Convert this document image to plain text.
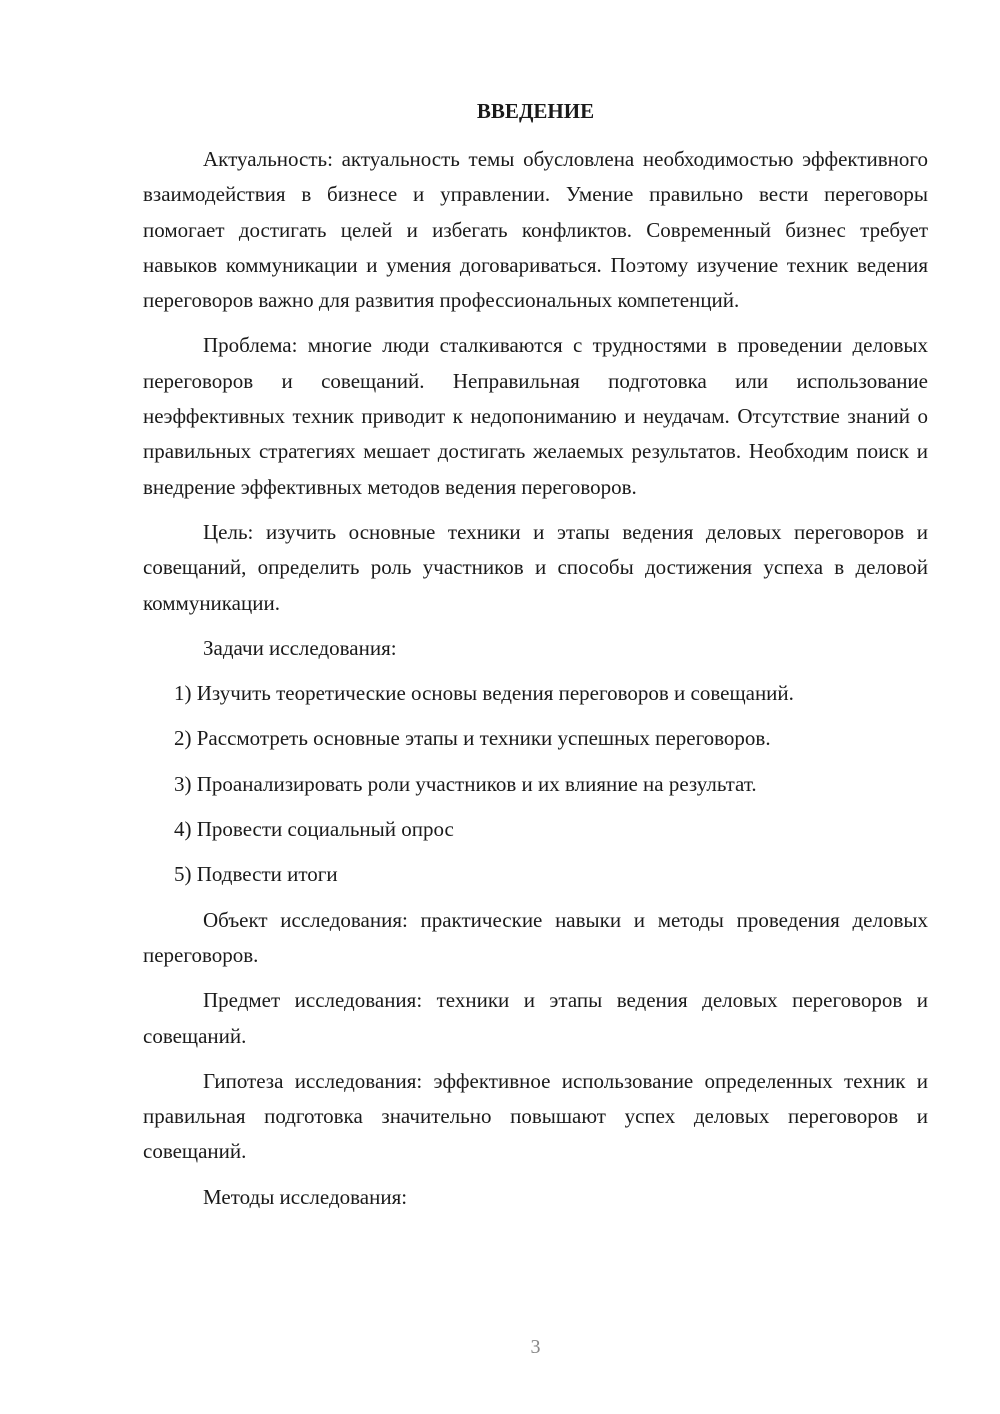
ВВЕДЕНИЕ

Актуальность: актуальность темы обусловлена необходимостью эффективного взаимодействия в бизнесе и управлении. Умение правильно вести переговоры помогает достигать целей и избегать конфликтов. Современный бизнес требует навыков коммуникации и умения договариваться. Поэтому изучение техник ведения переговоров важно для развития профессиональных компетенций.

Проблема: многие люди сталкиваются с трудностями в проведении деловых переговоров и совещаний. Неправильная подготовка или использование неэффективных техник приводит к недопониманию и неудачам. Отсутствие знаний о правильных стратегиях мешает достигать желаемых результатов. Необходим поиск и внедрение эффективных методов ведения переговоров.

Цель: изучить основные техники и этапы ведения деловых переговоров и совещаний, определить роль участников и способы достижения успеха в деловой коммуникации.

Задачи исследования:

1) Изучить теоретические основы ведения переговоров и совещаний.

2) Рассмотреть основные этапы и техники успешных переговоров.

3) Проанализировать роли участников и их влияние на результат.

4) Провести социальный опрос

5) Подвести итоги

Объект исследования: практические навыки и методы проведения деловых переговоров.

Предмет исследования: техники и этапы ведения деловых переговоров и совещаний.

Гипотеза исследования: эффективное использование определенных техник и правильная подготовка значительно повышают успех деловых переговоров и совещаний.

Методы исследования:

3
